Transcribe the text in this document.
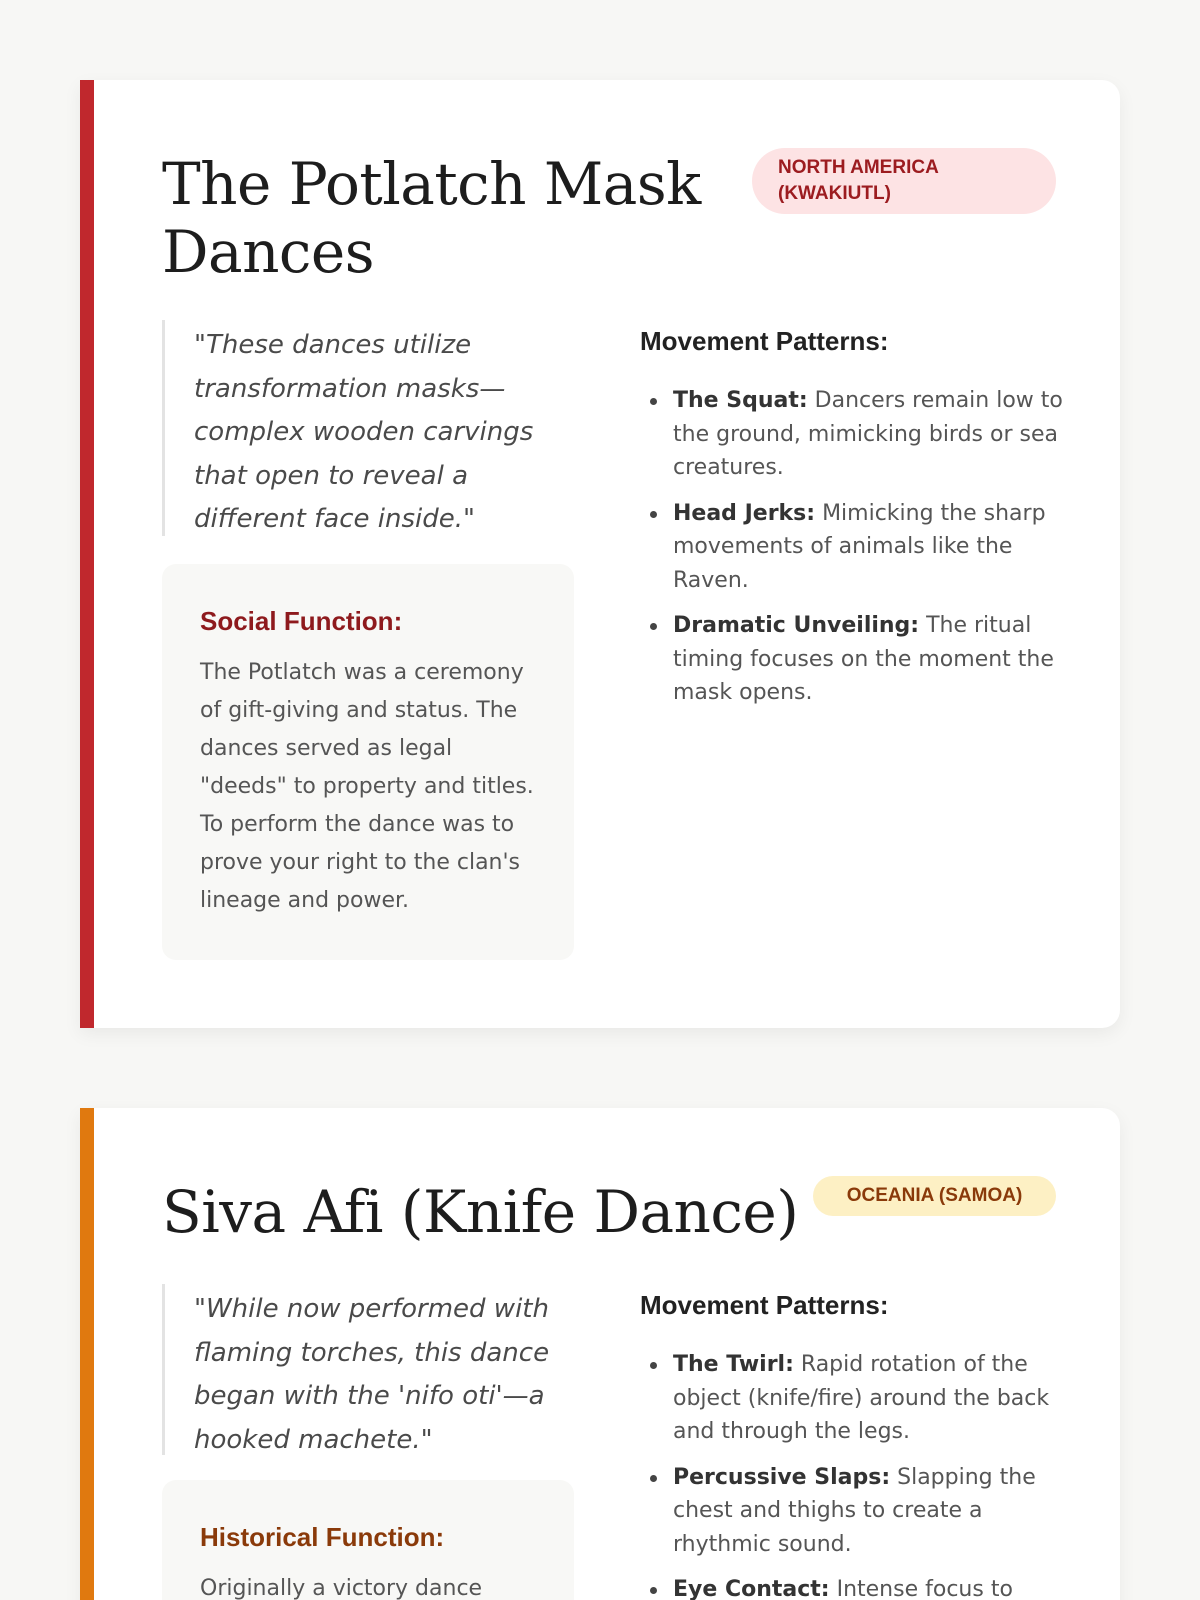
The Potlatch Mask Dances
NORTH AMERICA (KWAKIUTL)
"These dances utilize transformation masks—complex wooden carvings that open to reveal a different face inside."
Social Function:

The Potlatch was a ceremony of gift-giving and status. The dances served as legal "deeds" to property and titles. To perform the dance was to prove your right to the clan's lineage and power.

Movement Patterns:
The Squat: Dancers remain low to the ground, mimicking birds or sea creatures.
Head Jerks: Mimicking the sharp movements of animals like the Raven.
Dramatic Unveiling: The ritual timing focuses on the moment the mask opens.
Siva Afi (Knife Dance)	OCEANIA (SAMOA)
"While now performed with flaming torches, this dance began with the 'nifo oti'—a hooked machete."
Historical Function:

Originally a victory dance

Movement Patterns:
The Twirl: Rapid rotation of the object (knife/fire) around the back and through the legs.
Percussive Slaps: Slapping the chest and thighs to create a rhythmic sound.
Eye Contact: Intense focus to
